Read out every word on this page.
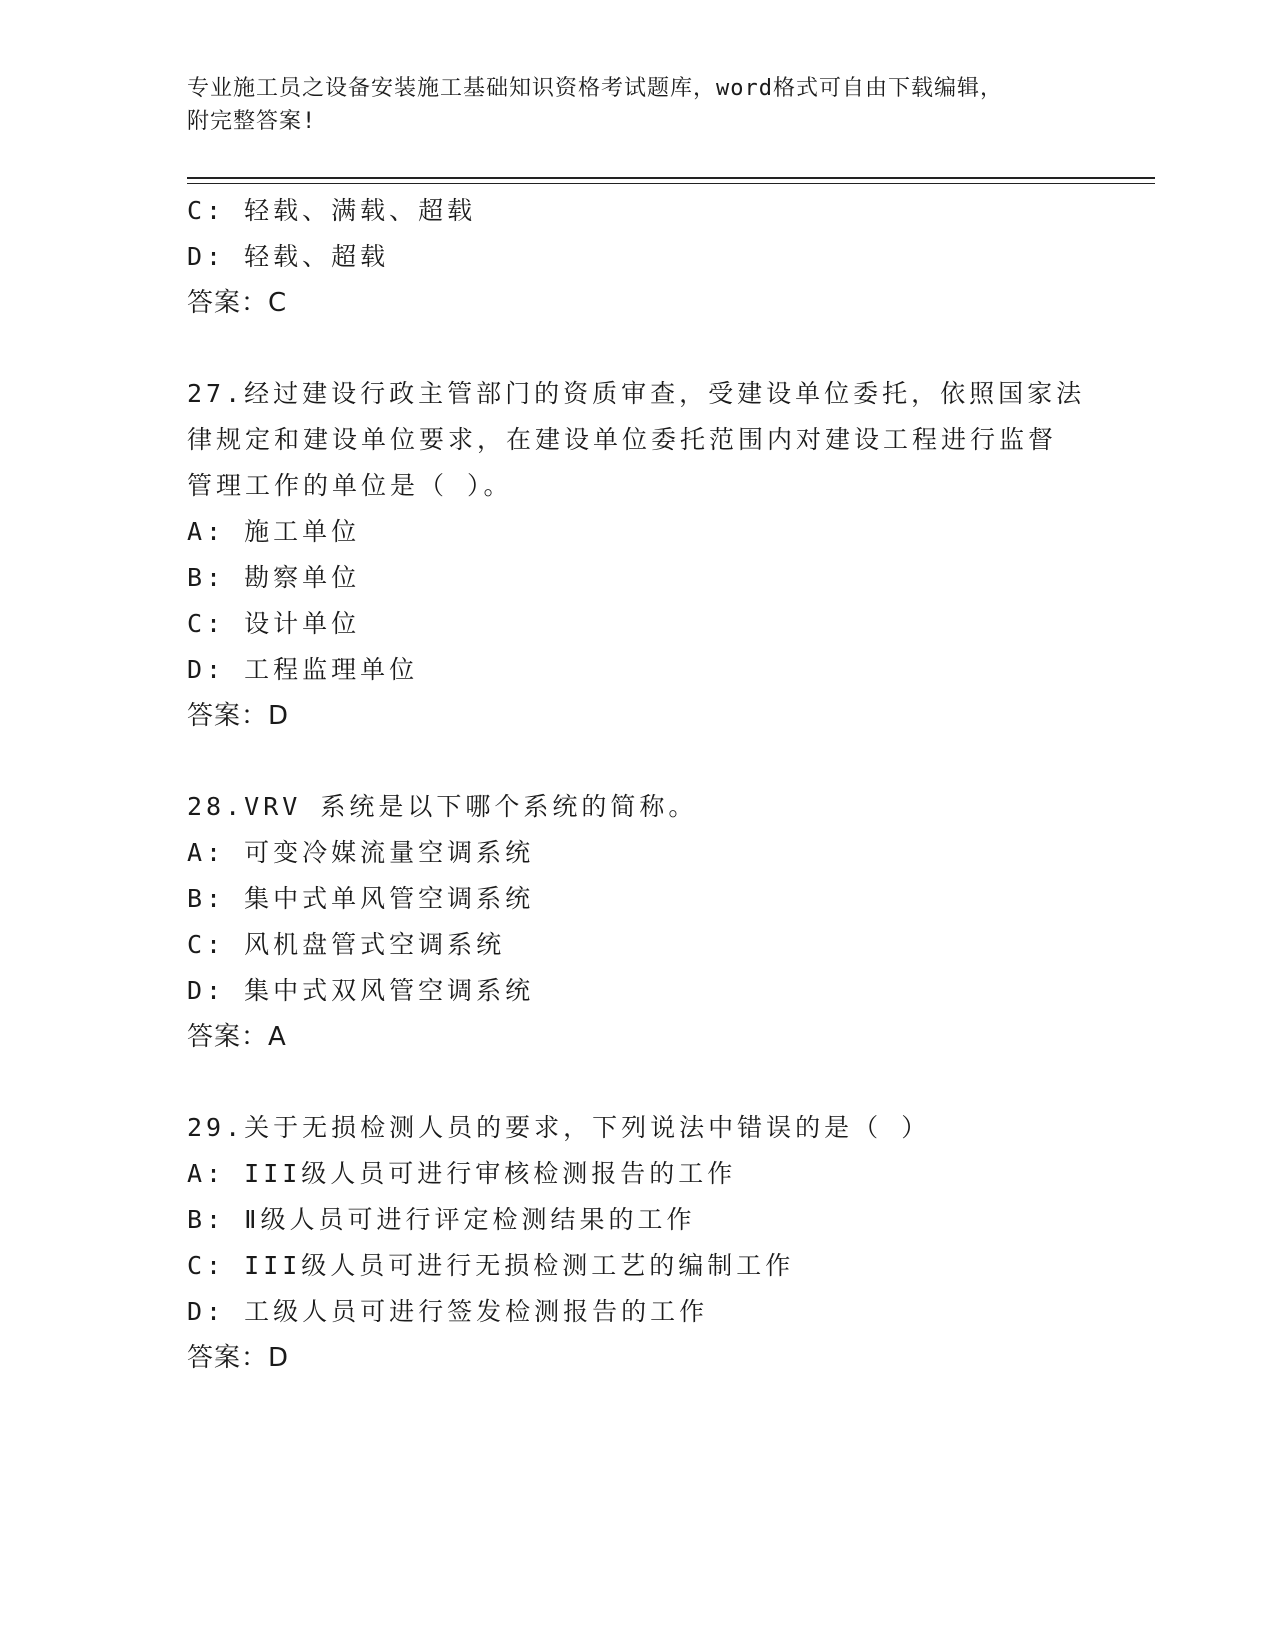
专业施工员之设备安装施工基础知识资格考试题库，word格式可自由下载编辑，
附完整答案!
C: 轻载、满载、超载
D: 轻载、超载
答案：C
27.经过建设行政主管部门的资质审查，受建设单位委托，依照国家法
律规定和建设单位要求，在建设单位委托范围内对建设工程进行监督
管理工作的单位是（ ）。
A: 施工单位
B: 勘察单位
C: 设计单位
D: 工程监理单位
答案：D
28.VRV 系统是以下哪个系统的简称。
A: 可变冷媒流量空调系统
B: 集中式单风管空调系统
C: 风机盘管式空调系统
D: 集中式双风管空调系统
答案：A
29.关于无损检测人员的要求，下列说法中错误的是（ ）
A: III级人员可进行审核检测报告的工作
B: Ⅱ级人员可进行评定检测结果的工作
C: III级人员可进行无损检测工艺的编制工作
D: 工级人员可进行签发检测报告的工作
答案：D
